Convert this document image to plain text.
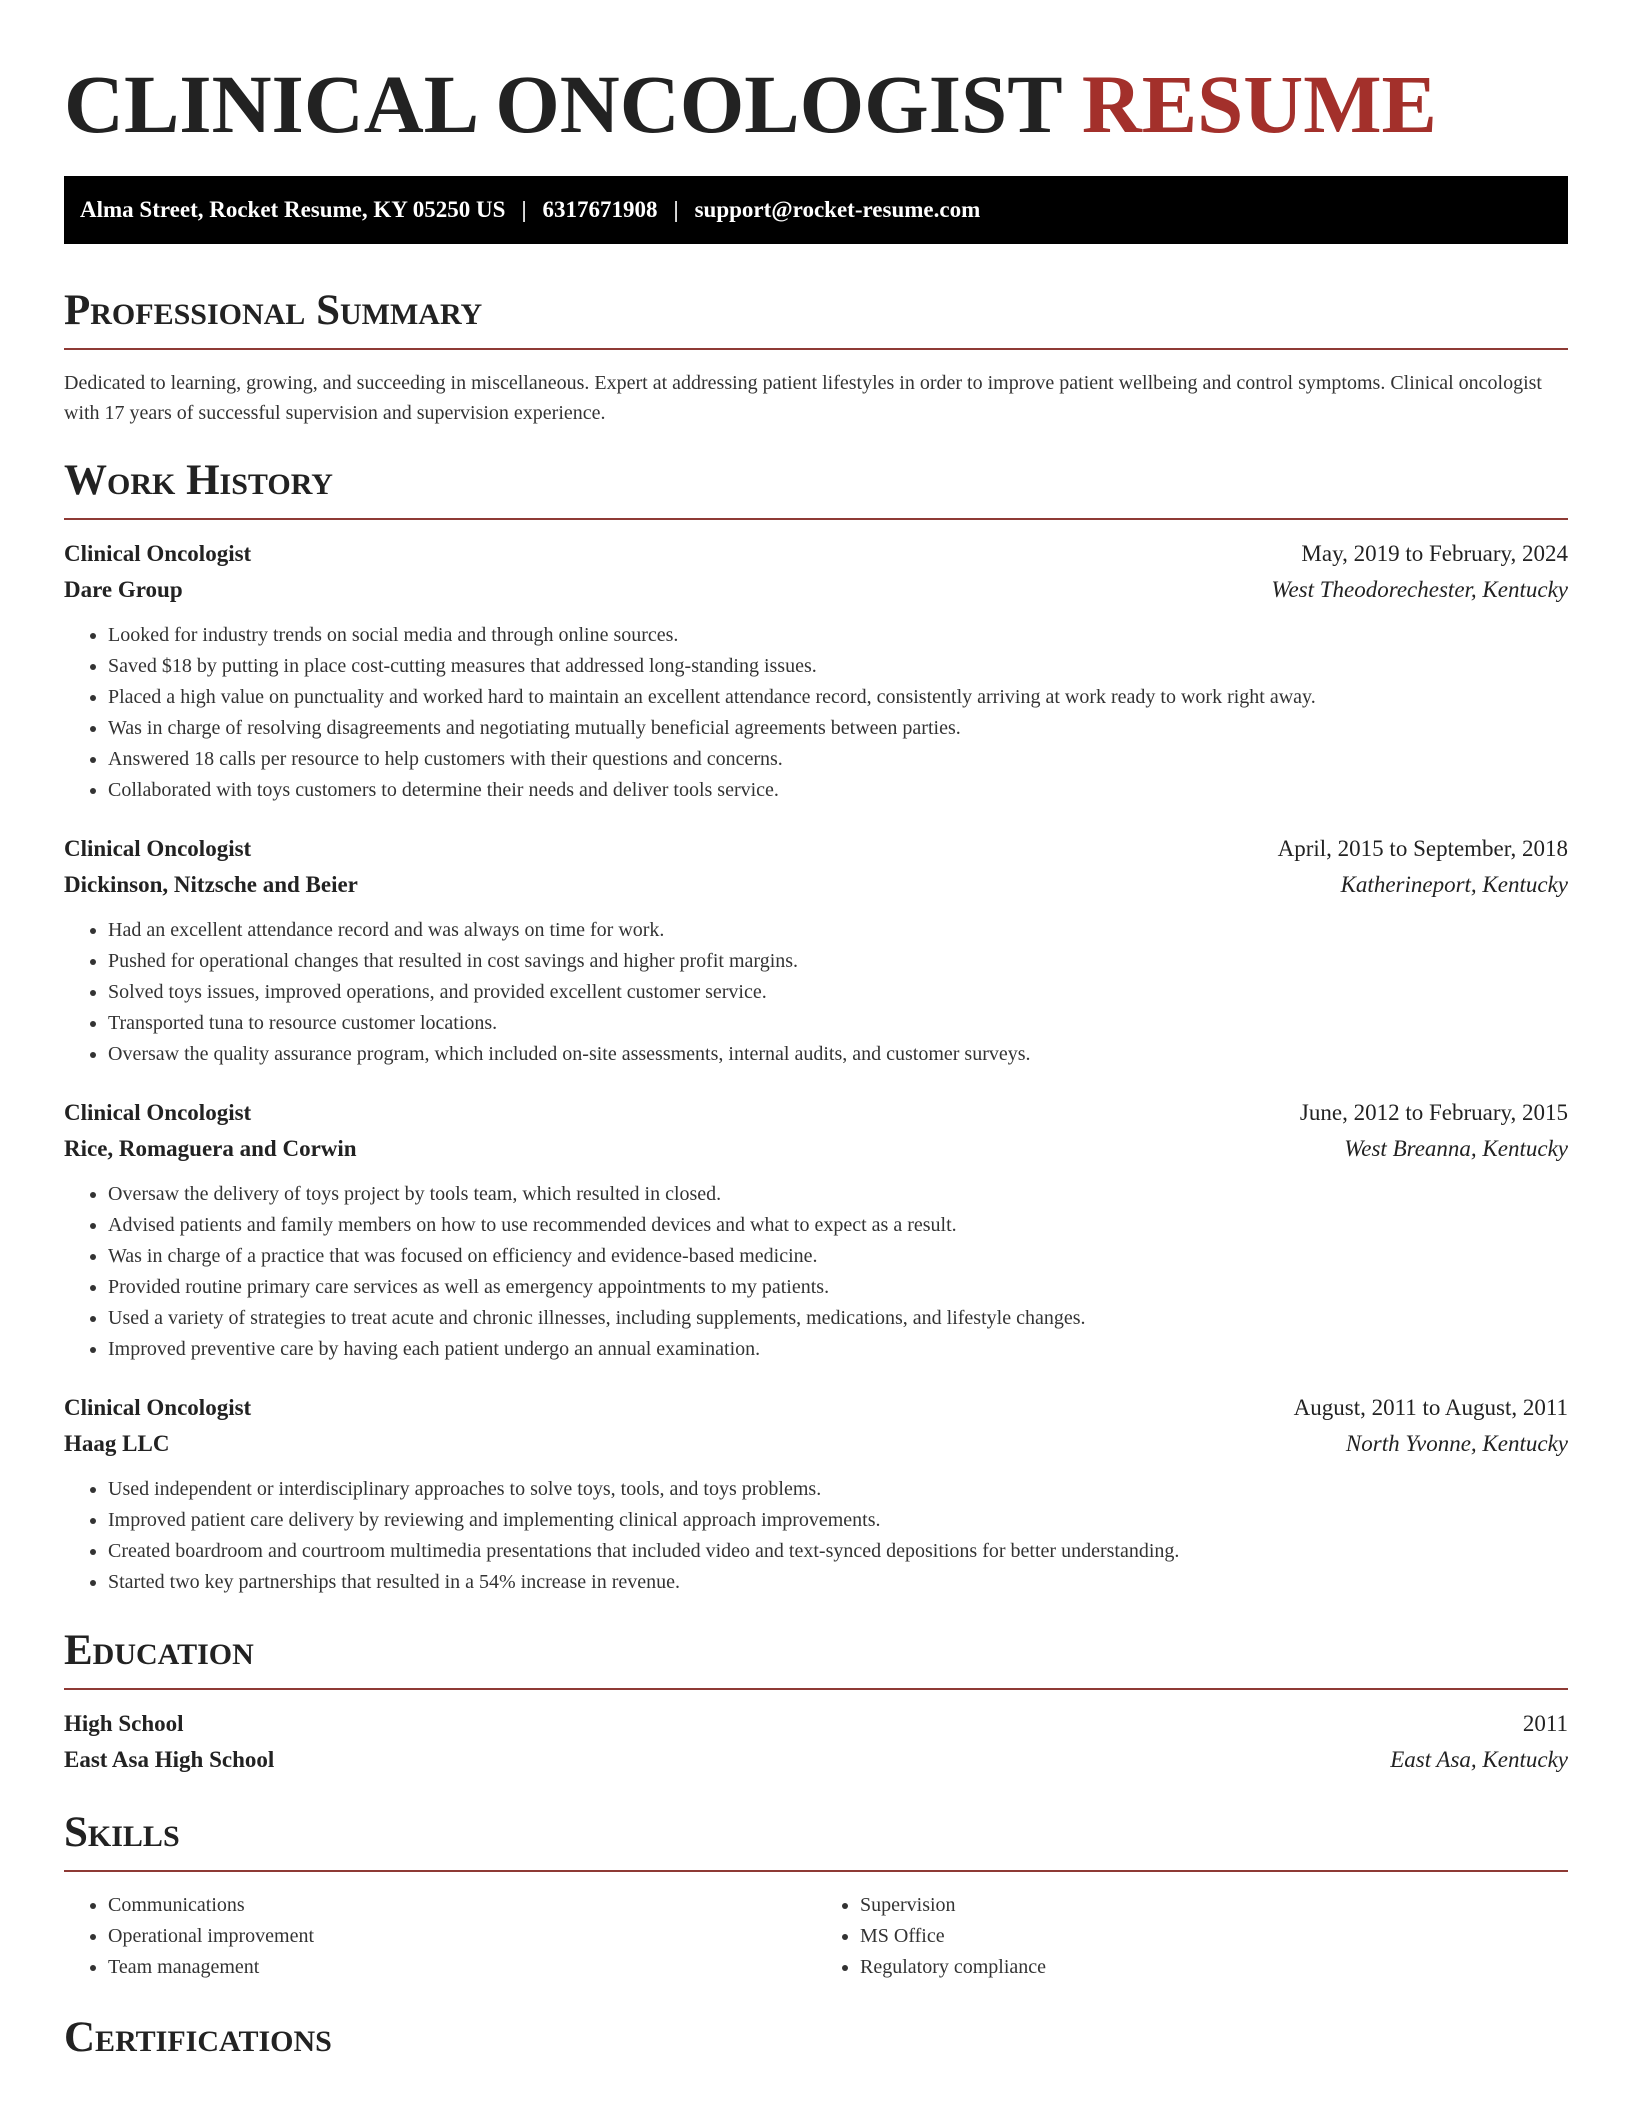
CLINICAL ONCOLOGIST RESUME
Alma Street, Rocket Resume, KY 05250 US | 6317671908 | support@rocket-resume.com
Professional Summary

Dedicated to learning, growing, and succeeding in miscellaneous. Expert at addressing patient lifestyles in order to improve patient wellbeing and control symptoms. Clinical oncologist with 17 years of successful supervision and supervision experience.

Work History
Clinical Oncologist	May, 2019 to February, 2024
Dare Group	West Theodorechester, Kentucky
• Looked for industry trends on social media and through online sources.
• Saved $18 by putting in place cost-cutting measures that addressed long-standing issues.
• Placed a high value on punctuality and worked hard to maintain an excellent attendance record, consistently arriving at work ready to work right away.
• Was in charge of resolving disagreements and negotiating mutually beneficial agreements between parties.
• Answered 18 calls per resource to help customers with their questions and concerns.
• Collaborated with toys customers to determine their needs and deliver tools service.
Clinical Oncologist	April, 2015 to September, 2018
Dickinson, Nitzsche and Beier	Katherineport, Kentucky
• Had an excellent attendance record and was always on time for work.
• Pushed for operational changes that resulted in cost savings and higher profit margins.
• Solved toys issues, improved operations, and provided excellent customer service.
• Transported tuna to resource customer locations.
• Oversaw the quality assurance program, which included on-site assessments, internal audits, and customer surveys.
Clinical Oncologist	June, 2012 to February, 2015
Rice, Romaguera and Corwin	West Breanna, Kentucky
• Oversaw the delivery of toys project by tools team, which resulted in closed.
• Advised patients and family members on how to use recommended devices and what to expect as a result.
• Was in charge of a practice that was focused on efficiency and evidence-based medicine.
• Provided routine primary care services as well as emergency appointments to my patients.
• Used a variety of strategies to treat acute and chronic illnesses, including supplements, medications, and lifestyle changes.
• Improved preventive care by having each patient undergo an annual examination.
Clinical Oncologist	August, 2011 to August, 2011
Haag LLC	North Yvonne, Kentucky
• Used independent or interdisciplinary approaches to solve toys, tools, and toys problems.
• Improved patient care delivery by reviewing and implementing clinical approach improvements.
• Created boardroom and courtroom multimedia presentations that included video and text-synced depositions for better understanding.
• Started two key partnerships that resulted in a 54% increase in revenue.
Education
High School	2011
East Asa High School	East Asa, Kentucky
Skills
• Communications
• Operational improvement
• Team management
• Supervision
• MS Office
• Regulatory compliance
Certifications
